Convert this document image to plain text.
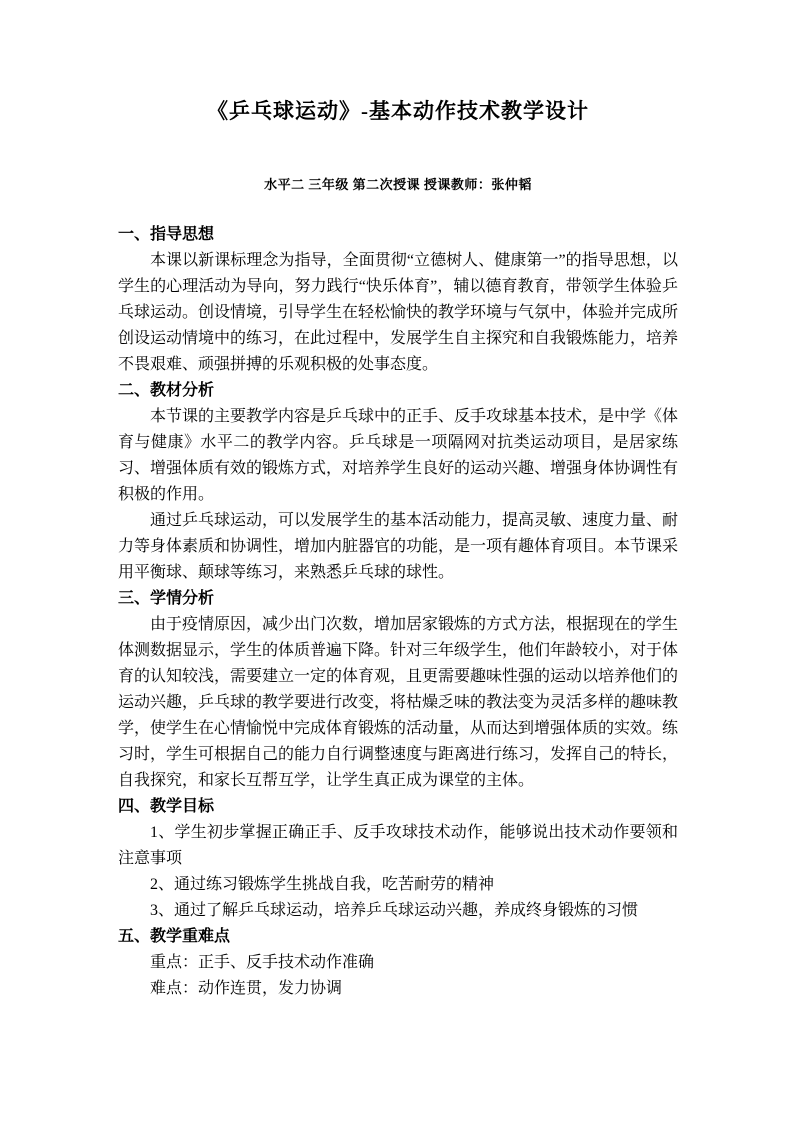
《乒乓球运动》-基本动作技术教学设计

水平二 三年级 第二次授课 授课教师：张仲韬

一、指导思想

本课以新课标理念为指导，全面贯彻“立德树人、健康第一”的指导思想，以学生的心理活动为导向，努力践行“快乐体育”，辅以德育教育，带领学生体验乒乓球运动。创设情境，引导学生在轻松愉快的教学环境与气氛中，体验并完成所创设运动情境中的练习，在此过程中，发展学生自主探究和自我锻炼能力，培养不畏艰难、顽强拼搏的乐观积极的处事态度。

二、教材分析

本节课的主要教学内容是乒乓球中的正手、反手攻球基本技术，是中学《体育与健康》水平二的教学内容。乒乓球是一项隔网对抗类运动项目，是居家练习、增强体质有效的锻炼方式，对培养学生良好的运动兴趣、增强身体协调性有积极的作用。

通过乒乓球运动，可以发展学生的基本活动能力，提高灵敏、速度力量、耐力等身体素质和协调性，增加内脏器官的功能，是一项有趣体育项目。本节课采用平衡球、颠球等练习，来熟悉乒乓球的球性。

三、学情分析

由于疫情原因，减少出门次数，增加居家锻炼的方式方法，根据现在的学生体测数据显示，学生的体质普遍下降。针对三年级学生，他们年龄较小，对于体育的认知较浅，需要建立一定的体育观，且更需要趣味性强的运动以培养他们的运动兴趣，乒乓球的教学要进行改变，将枯燥乏味的教法变为灵活多样的趣味教学，使学生在心情愉悦中完成体育锻炼的活动量，从而达到增强体质的实效。练习时，学生可根据自己的能力自行调整速度与距离进行练习，发挥自己的特长，自我探究，和家长互帮互学，让学生真正成为课堂的主体。

四、教学目标

1、学生初步掌握正确正手、反手攻球技术动作，能够说出技术动作要领和注意事项

2、通过练习锻炼学生挑战自我，吃苦耐劳的精神

3、通过了解乒乓球运动，培养乒乓球运动兴趣，养成终身锻炼的习惯

五、教学重难点

重点：正手、反手技术动作准确

难点：动作连贯，发力协调
